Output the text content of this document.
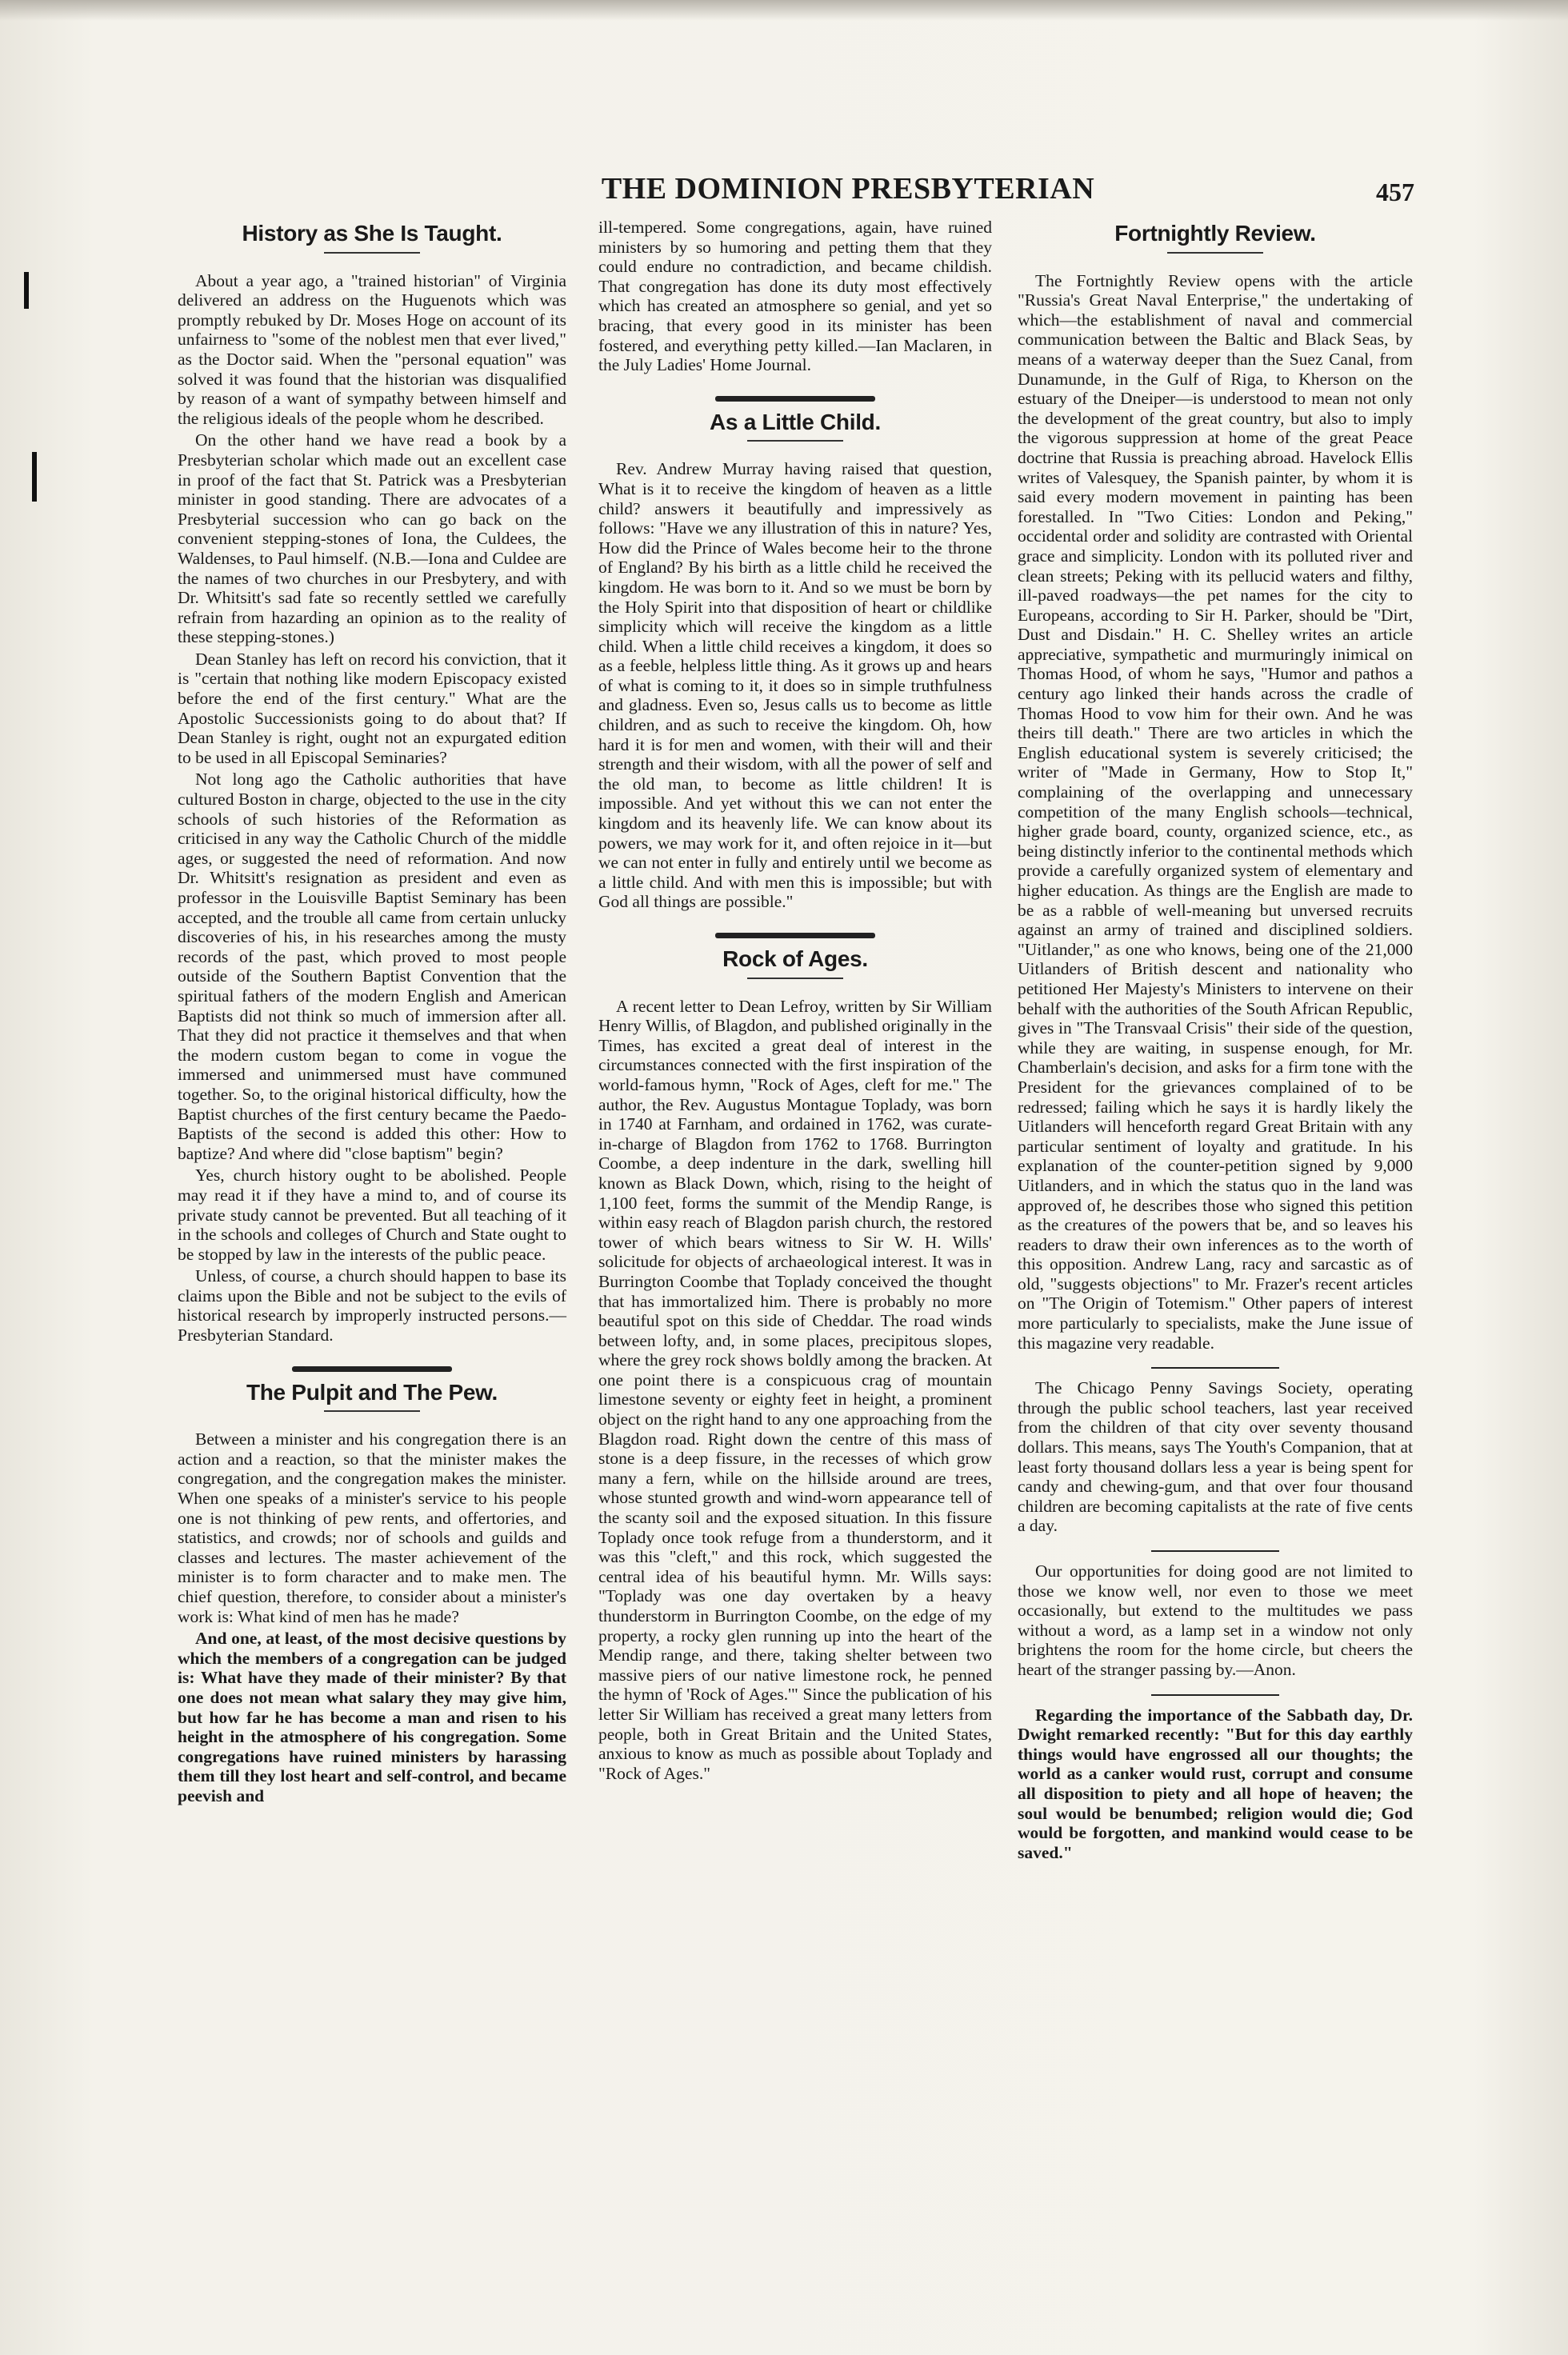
THE DOMINION PRESBYTERIAN	457
History as She Is Taught.

About a year ago, a "trained historian" of Virginia delivered an address on the Huguenots which was promptly rebuked by Dr. Moses Hoge on account of its unfairness to "some of the noblest men that ever lived," as the Doctor said. When the "personal equation" was solved it was found that the historian was disqualified by reason of a want of sympathy between himself and the religious ideals of the people whom he described.

On the other hand we have read a book by a Presbyterian scholar which made out an excellent case in proof of the fact that St. Patrick was a Presbyterian minister in good standing. There are advocates of a Presbyterial succession who can go back on the convenient stepping-stones of Iona, the Culdees, the Waldenses, to Paul himself. (N.B.—Iona and Culdee are the names of two churches in our Presbytery, and with Dr. Whitsitt's sad fate so recently settled we carefully refrain from hazarding an opinion as to the reality of these stepping-stones.)

Dean Stanley has left on record his conviction, that it is "certain that nothing like modern Episcopacy existed before the end of the first century." What are the Apostolic Successionists going to do about that? If Dean Stanley is right, ought not an expurgated edition to be used in all Episcopal Seminaries?

Not long ago the Catholic authorities that have cultured Boston in charge, objected to the use in the city schools of such histories of the Reformation as criticised in any way the Catholic Church of the middle ages, or suggested the need of reformation. And now Dr. Whitsitt's resignation as president and even as professor in the Louisville Baptist Seminary has been accepted, and the trouble all came from certain unlucky discoveries of his, in his researches among the musty records of the past, which proved to most people outside of the Southern Baptist Convention that the spiritual fathers of the modern English and American Baptists did not think so much of immersion after all. That they did not practice it themselves and that when the modern custom began to come in vogue the immersed and unimmersed must have communed together. So, to the original historical difficulty, how the Baptist churches of the first century became the Paedo-Baptists of the second is added this other: How to baptize? And where did "close baptism" begin?

Yes, church history ought to be abolished. People may read it if they have a mind to, and of course its private study cannot be prevented. But all teaching of it in the schools and colleges of Church and State ought to be stopped by law in the interests of the public peace.

Unless, of course, a church should happen to base its claims upon the Bible and not be subject to the evils of historical research by improperly instructed persons.—Presbyterian Standard.

The Pulpit and The Pew.

Between a minister and his congregation there is an action and a reaction, so that the minister makes the congregation, and the congregation makes the minister. When one speaks of a minister's service to his people one is not thinking of pew rents, and offertories, and statistics, and crowds; nor of schools and guilds and classes and lectures. The master achievement of the minister is to form character and to make men. The chief question, therefore, to consider about a minister's work is: What kind of men has he made?

And one, at least, of the most decisive questions by which the members of a congregation can be judged is: What have they made of their minister? By that one does not mean what salary they may give him, but how far he has become a man and risen to his height in the atmosphere of his congregation. Some congregations have ruined ministers by harassing them till they lost heart and self-control, and became peevish and

ill-tempered. Some congregations, again, have ruined ministers by so humoring and petting them that they could endure no contradiction, and became childish. That congregation has done its duty most effectively which has created an atmosphere so genial, and yet so bracing, that every good in its minister has been fostered, and everything petty killed.—Ian Maclaren, in the July Ladies' Home Journal.

As a Little Child.

Rev. Andrew Murray having raised that question, What is it to receive the kingdom of heaven as a little child? answers it beautifully and impressively as follows: "Have we any illustration of this in nature? Yes, How did the Prince of Wales become heir to the throne of England? By his birth as a little child he received the kingdom. He was born to it. And so we must be born by the Holy Spirit into that disposition of heart or childlike simplicity which will receive the kingdom as a little child. When a little child receives a kingdom, it does so as a feeble, helpless little thing. As it grows up and hears of what is coming to it, it does so in simple truthfulness and gladness. Even so, Jesus calls us to become as little children, and as such to receive the kingdom. Oh, how hard it is for men and women, with their will and their strength and their wisdom, with all the power of self and the old man, to become as little children! It is impossible. And yet without this we can not enter the kingdom and its heavenly life. We can know about its powers, we may work for it, and often rejoice in it—but we can not enter in fully and entirely until we become as a little child. And with men this is impossible; but with God all things are possible."

Rock of Ages.

A recent letter to Dean Lefroy, written by Sir William Henry Willis, of Blagdon, and published originally in the Times, has excited a great deal of interest in the circumstances connected with the first inspiration of the world-famous hymn, "Rock of Ages, cleft for me." The author, the Rev. Augustus Montague Toplady, was born in 1740 at Farnham, and ordained in 1762, was curate-in-charge of Blagdon from 1762 to 1768. Burrington Coombe, a deep indenture in the dark, swelling hill known as Black Down, which, rising to the height of 1,100 feet, forms the summit of the Mendip Range, is within easy reach of Blagdon parish church, the restored tower of which bears witness to Sir W. H. Wills' solicitude for objects of archaeological interest. It was in Burrington Coombe that Toplady conceived the thought that has immortalized him. There is probably no more beautiful spot on this side of Cheddar. The road winds between lofty, and, in some places, precipitous slopes, where the grey rock shows boldly among the bracken. At one point there is a conspicuous crag of mountain limestone seventy or eighty feet in height, a prominent object on the right hand to any one approaching from the Blagdon road. Right down the centre of this mass of stone is a deep fissure, in the recesses of which grow many a fern, while on the hillside around are trees, whose stunted growth and wind-worn appearance tell of the scanty soil and the exposed situation. In this fissure Toplady once took refuge from a thunderstorm, and it was this "cleft," and this rock, which suggested the central idea of his beautiful hymn. Mr. Wills says: "Toplady was one day overtaken by a heavy thunderstorm in Burrington Coombe, on the edge of my property, a rocky glen running up into the heart of the Mendip range, and there, taking shelter between two massive piers of our native limestone rock, he penned the hymn of 'Rock of Ages.'" Since the publication of his letter Sir William has received a great many letters from people, both in Great Britain and the United States, anxious to know as much as possible about Toplady and "Rock of Ages."

Fortnightly Review.

The Fortnightly Review opens with the article "Russia's Great Naval Enterprise," the undertaking of which—the establishment of naval and commercial communication between the Baltic and Black Seas, by means of a waterway deeper than the Suez Canal, from Dunamunde, in the Gulf of Riga, to Kherson on the estuary of the Dneiper—is understood to mean not only the development of the great country, but also to imply the vigorous suppression at home of the great Peace doctrine that Russia is preaching abroad. Havelock Ellis writes of Valesquey, the Spanish painter, by whom it is said every modern movement in painting has been forestalled. In "Two Cities: London and Peking," occidental order and solidity are contrasted with Oriental grace and simplicity. London with its polluted river and clean streets; Peking with its pellucid waters and filthy, ill-paved roadways—the pet names for the city to Europeans, according to Sir H. Parker, should be "Dirt, Dust and Disdain." H. C. Shelley writes an article appreciative, sympathetic and murmuringly inimical on Thomas Hood, of whom he says, "Humor and pathos a century ago linked their hands across the cradle of Thomas Hood to vow him for their own. And he was theirs till death." There are two articles in which the English educational system is severely criticised; the writer of "Made in Germany, How to Stop It," complaining of the overlapping and unnecessary competition of the many English schools—technical, higher grade board, county, organized science, etc., as being distinctly inferior to the continental methods which provide a carefully organized system of elementary and higher education. As things are the English are made to be as a rabble of well-meaning but unversed recruits against an army of trained and disciplined soldiers. "Uitlander," as one who knows, being one of the 21,000 Uitlanders of British descent and nationality who petitioned Her Majesty's Ministers to intervene on their behalf with the authorities of the South African Republic, gives in "The Transvaal Crisis" their side of the question, while they are waiting, in suspense enough, for Mr. Chamberlain's decision, and asks for a firm tone with the President for the grievances complained of to be redressed; failing which he says it is hardly likely the Uitlanders will henceforth regard Great Britain with any particular sentiment of loyalty and gratitude. In his explanation of the counter-petition signed by 9,000 Uitlanders, and in which the status quo in the land was approved of, he describes those who signed this petition as the creatures of the powers that be, and so leaves his readers to draw their own inferences as to the worth of this opposition. Andrew Lang, racy and sarcastic as of old, "suggests objections" to Mr. Frazer's recent articles on "The Origin of Totemism." Other papers of interest more particularly to specialists, make the June issue of this magazine very readable.

The Chicago Penny Savings Society, operating through the public school teachers, last year received from the children of that city over seventy thousand dollars. This means, says The Youth's Companion, that at least forty thousand dollars less a year is being spent for candy and chewing-gum, and that over four thousand children are becoming capitalists at the rate of five cents a day.

Our opportunities for doing good are not limited to those we know well, nor even to those we meet occasionally, but extend to the multitudes we pass without a word, as a lamp set in a window not only brightens the room for the home circle, but cheers the heart of the stranger passing by.—Anon.

Regarding the importance of the Sabbath day, Dr. Dwight remarked recently: "But for this day earthly things would have engrossed all our thoughts; the world as a canker would rust, corrupt and consume all disposition to piety and all hope of heaven; the soul would be benumbed; religion would die; God would be forgotten, and mankind would cease to be saved."
